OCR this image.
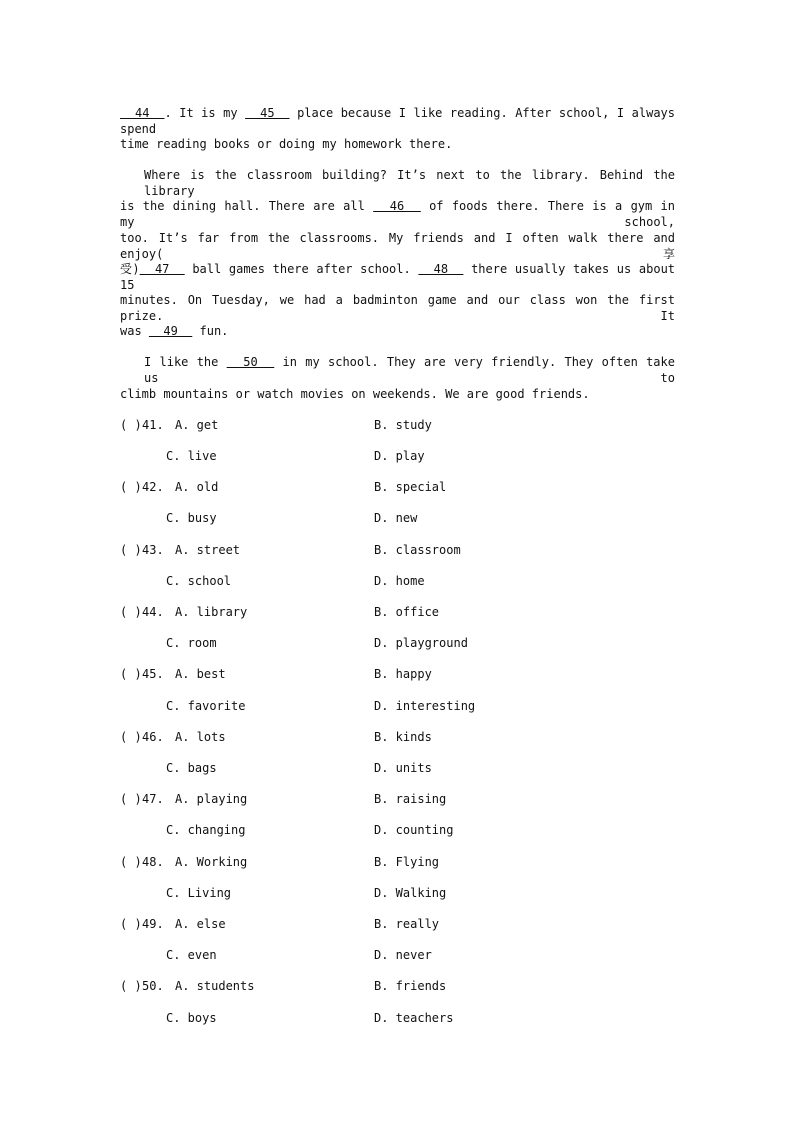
44  . It is my   45   place because I like reading. After school, I always spend
time reading books or doing my homework there.
Where is the classroom building? It’s next to the library. Behind the library
is the dining hall. There are all   46   of foods there. There is a gym in my school,
too. It’s far from the classrooms. My friends and I often walk there and enjoy(享
受)  47   ball games there after school.   48   there usually takes us about 15
minutes. On Tuesday, we had a badminton game and our class won the first prize. It
was   49   fun.
I like the   50   in my school. They are very friendly. They often take us to
climb mountains or watch movies on weekends. We are good friends.
( ) 41. A. get	B. study
C. live	D. play
( ) 42. A. old	B. special
C. busy	D. new
( ) 43. A. street	B. classroom
C. school	D. home
( ) 44. A. library	B. office
C. room	D. playground
( ) 45. A. best	B. happy
C. favorite	D. interesting
( ) 46. A. lots	B. kinds
C. bags	D. units
( ) 47. A. playing	B. raising
C. changing	D. counting
( ) 48. A. Working	B. Flying
C. Living	D. Walking
( ) 49. A. else	B. really
C. even	D. never
( ) 50. A. students	B. friends
C. boys	D. teachers
